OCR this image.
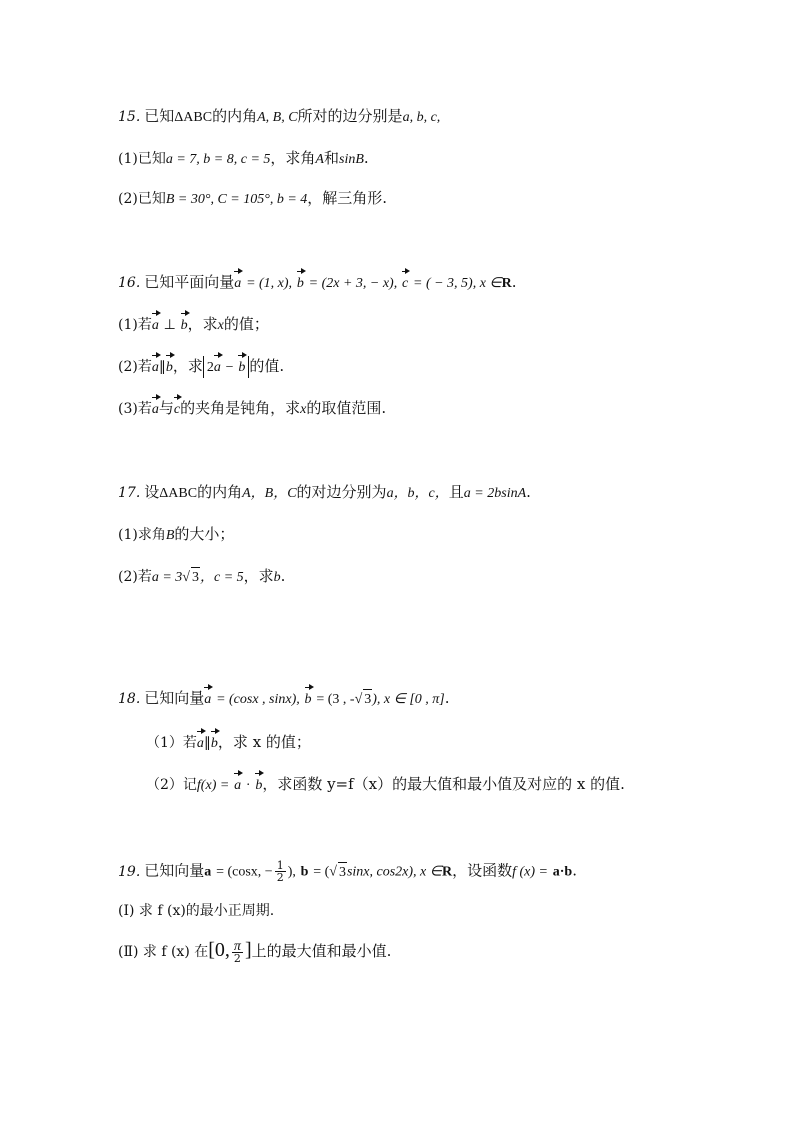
15. 已知ΔABC的内角A, B, C所对的边分别是a, b, c,
(1)已知a = 7, b = 8, c = 5，求角A和sinB.
(2)已知B = 30°, C = 105°, b = 4，解三角形.
16. 已知平面向量a = (1, x), b = (2x + 3, − x), c = ( − 3, 5), x ∈R.
(1)若a ⊥ b，求x的值；
(2)若a∥b，求 2a − b 的值.
(3)若a与c的夹角是钝角，求x的取值范围.
17. 设ΔABC的内角A，B，C的对边分别为a，b，c，且a = 2bsinA.
(1)求角B的大小；
(2)若a = 3√ 3，c = 5，求b.
18. 已知向量a = (cosx , sinx), b = (3 , -√ 3), x ∈ [0 , π].
（1）若a∥b，求 x 的值；
（2）记f(x) = a · b，求函数 y=f（x）的最大值和最小值及对应的 x 的值.
19. 已知向量a = (cosx, − $\frac{1}{2}$ ), b = (√ 3sinx, cos2x), x ∈R，设函数f (x) = a·b.
(Ⅰ) 求 f (x)的最小正周期.
(Ⅱ) 求 f (x) 在[0, $\frac{\pi}{2}$ ]上的最大值和最小值.
